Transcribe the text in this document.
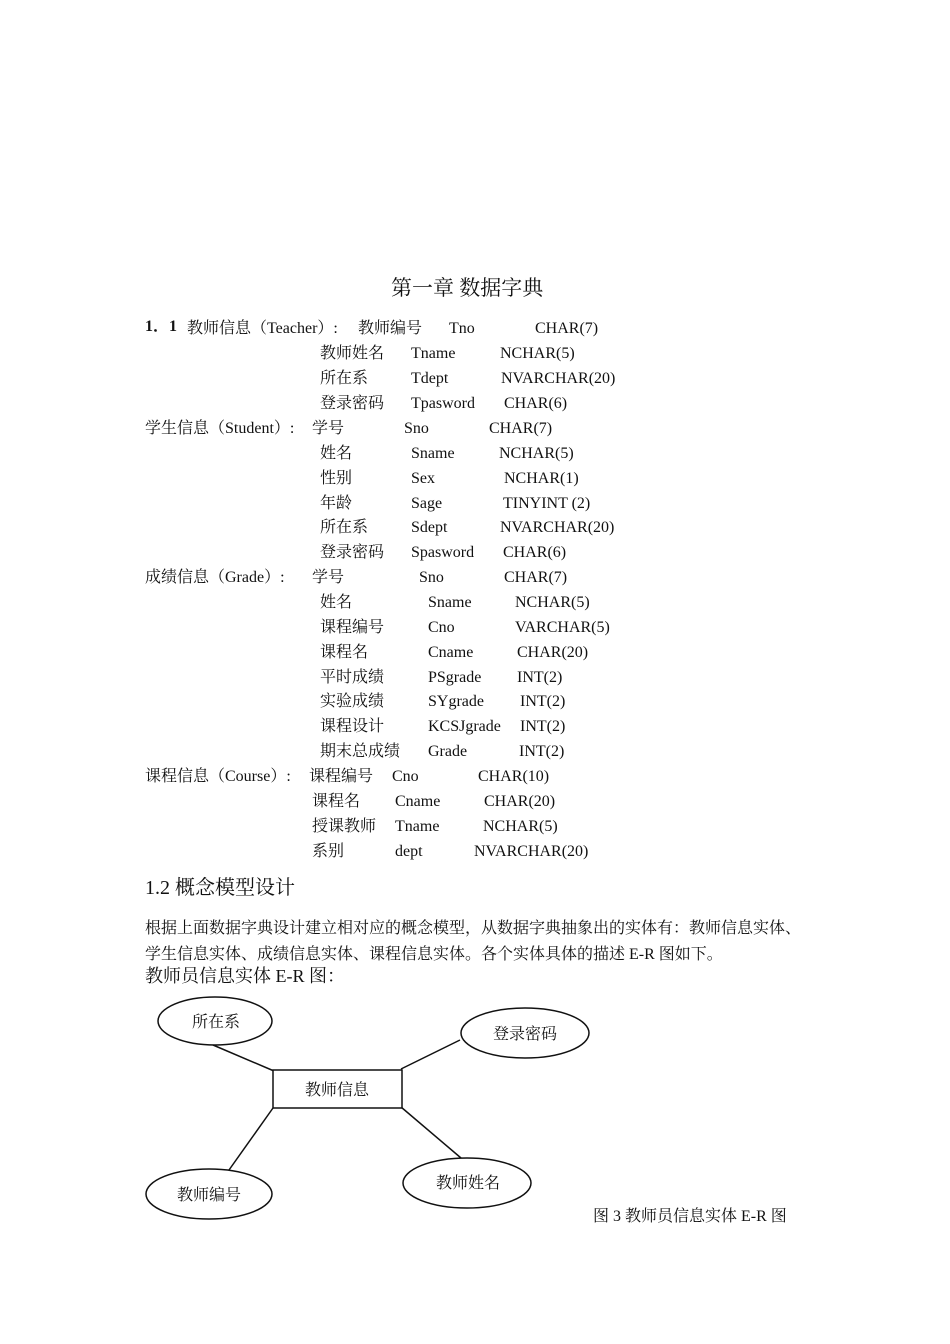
第一章 数据字典
1．1 教师信息（Teacher）: 教师编号 Tno	CHAR(7)
教师姓名 Tname	NCHAR(5)
所在系	Tdept	NVARCHAR(20)
登录密码 Tpasword CHAR(6)
学生信息（Student）: 学号	Sno	CHAR(7)
姓名	Sname	NCHAR(5)
性别	Sex	NCHAR(1)
年龄	Sage	TINYINT (2)
所在系	Sdept	NVARCHAR(20)
登录密码 Spasword CHAR(6)
成绩信息（Grade）: 学号	Sno	CHAR(7)
姓名	Sname	NCHAR(5)
课程编号	Cno	VARCHAR(5)
课程名	Cname	CHAR(20)
平时成绩	PSgrade INT(2)
实验成绩	SYgrade INT(2)
课程设计	KCSJgrade INT(2)
期末总成绩 Grade	INT(2)
课程信息（Course）: 课程编号 Cno	CHAR(10)
课程名 Cname	CHAR(20)
授课教师 Tname	NCHAR(5)
系别	dept	NVARCHAR(20)
1.2 概念模型设计
根据上面数据字典设计建立相对应的概念模型，从数据字典抽象出的实体有：教师信息实体、
学生信息实体、成绩信息实体、课程信息实体。各个实体具体的描述 E-R 图如下。
教师员信息实体 E-R 图：
教师信息
所在系
登录密码
教师编号
教师姓名
图 3 教师员信息实体 E-R 图
